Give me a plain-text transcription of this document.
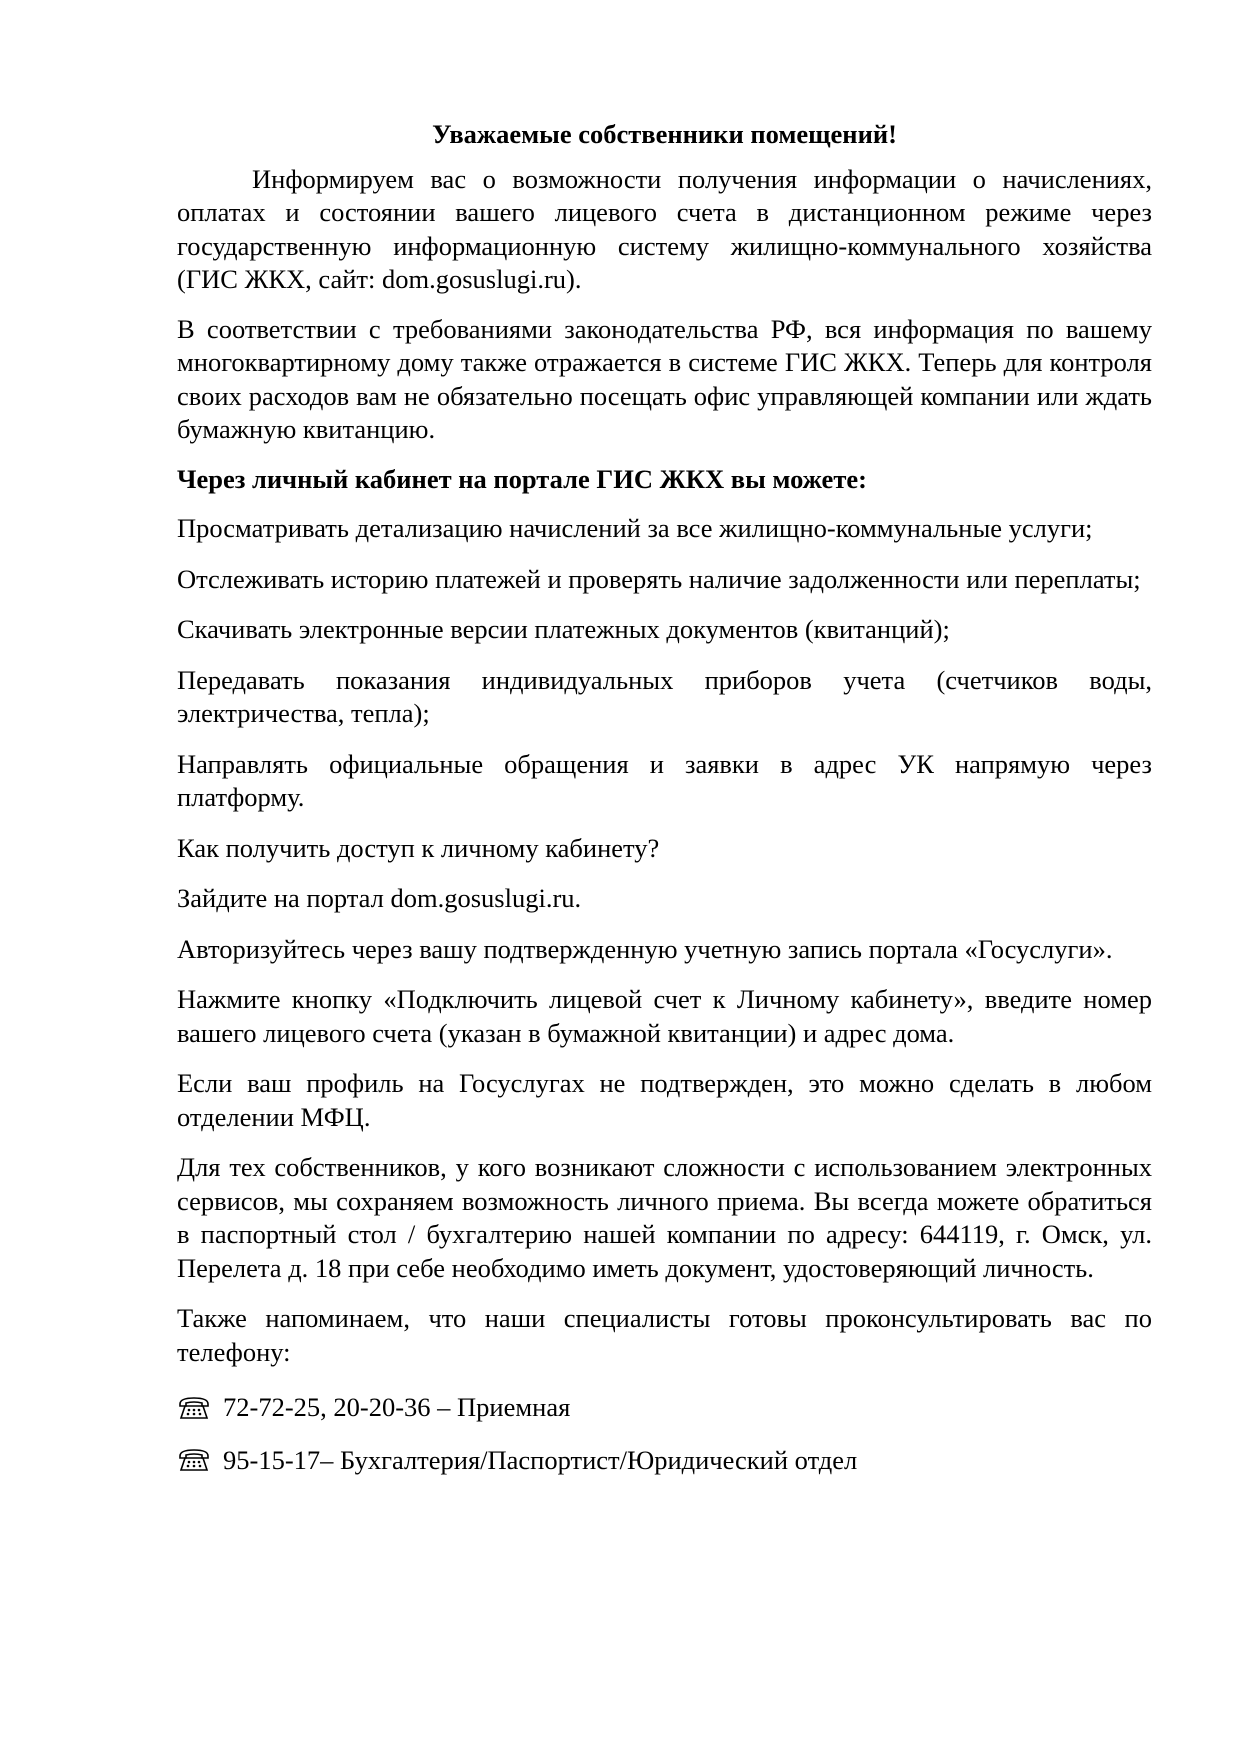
Уважаемые собственники помещений!
Информируем вас о возможности получения информации о начислениях, оплатах и состоянии вашего лицевого счета в дистанционном режиме через государственную информационную систему жилищно-коммунального хозяйства (ГИС ЖКХ, сайт: dom.gosuslugi.ru).
В соответствии с требованиями законодательства РФ, вся информация по вашему многоквартирному дому также отражается в системе ГИС ЖКХ. Теперь для контроля своих расходов вам не обязательно посещать офис управляющей компании или ждать бумажную квитанцию.
Через личный кабинет на портале ГИС ЖКХ вы можете:
Просматривать детализацию начислений за все жилищно-коммунальные услуги;
Отслеживать историю платежей и проверять наличие задолженности или переплаты;
Скачивать электронные версии платежных документов (квитанций);
Передавать показания индивидуальных приборов учета (счетчиков воды, электричества, тепла);
Направлять официальные обращения и заявки в адрес УК напрямую через платформу.
Как получить доступ к личному кабинету?
Зайдите на портал dom.gosuslugi.ru.
Авторизуйтесь через вашу подтвержденную учетную запись портала «Госуслуги».
Нажмите кнопку «Подключить лицевой счет к Личному кабинету», введите номер вашего лицевого счета (указан в бумажной квитанции) и адрес дома.
Если ваш профиль на Госуслугах не подтвержден, это можно сделать в любом отделении МФЦ.
Для тех собственников, у кого возникают сложности с использованием электронных сервисов, мы сохраняем возможность личного приема. Вы всегда можете обратиться в паспортный стол / бухгалтерию нашей компании по адресу: 644119, г. Омск, ул. Перелета д. 18 при себе необходимо иметь документ, удостоверяющий личность.
Также напоминаем, что наши специалисты готовы проконсультировать вас по телефону:
72-72-25, 20-20-36 – Приемная
95-15-17– Бухгалтерия/Паспортист/Юридический отдел
